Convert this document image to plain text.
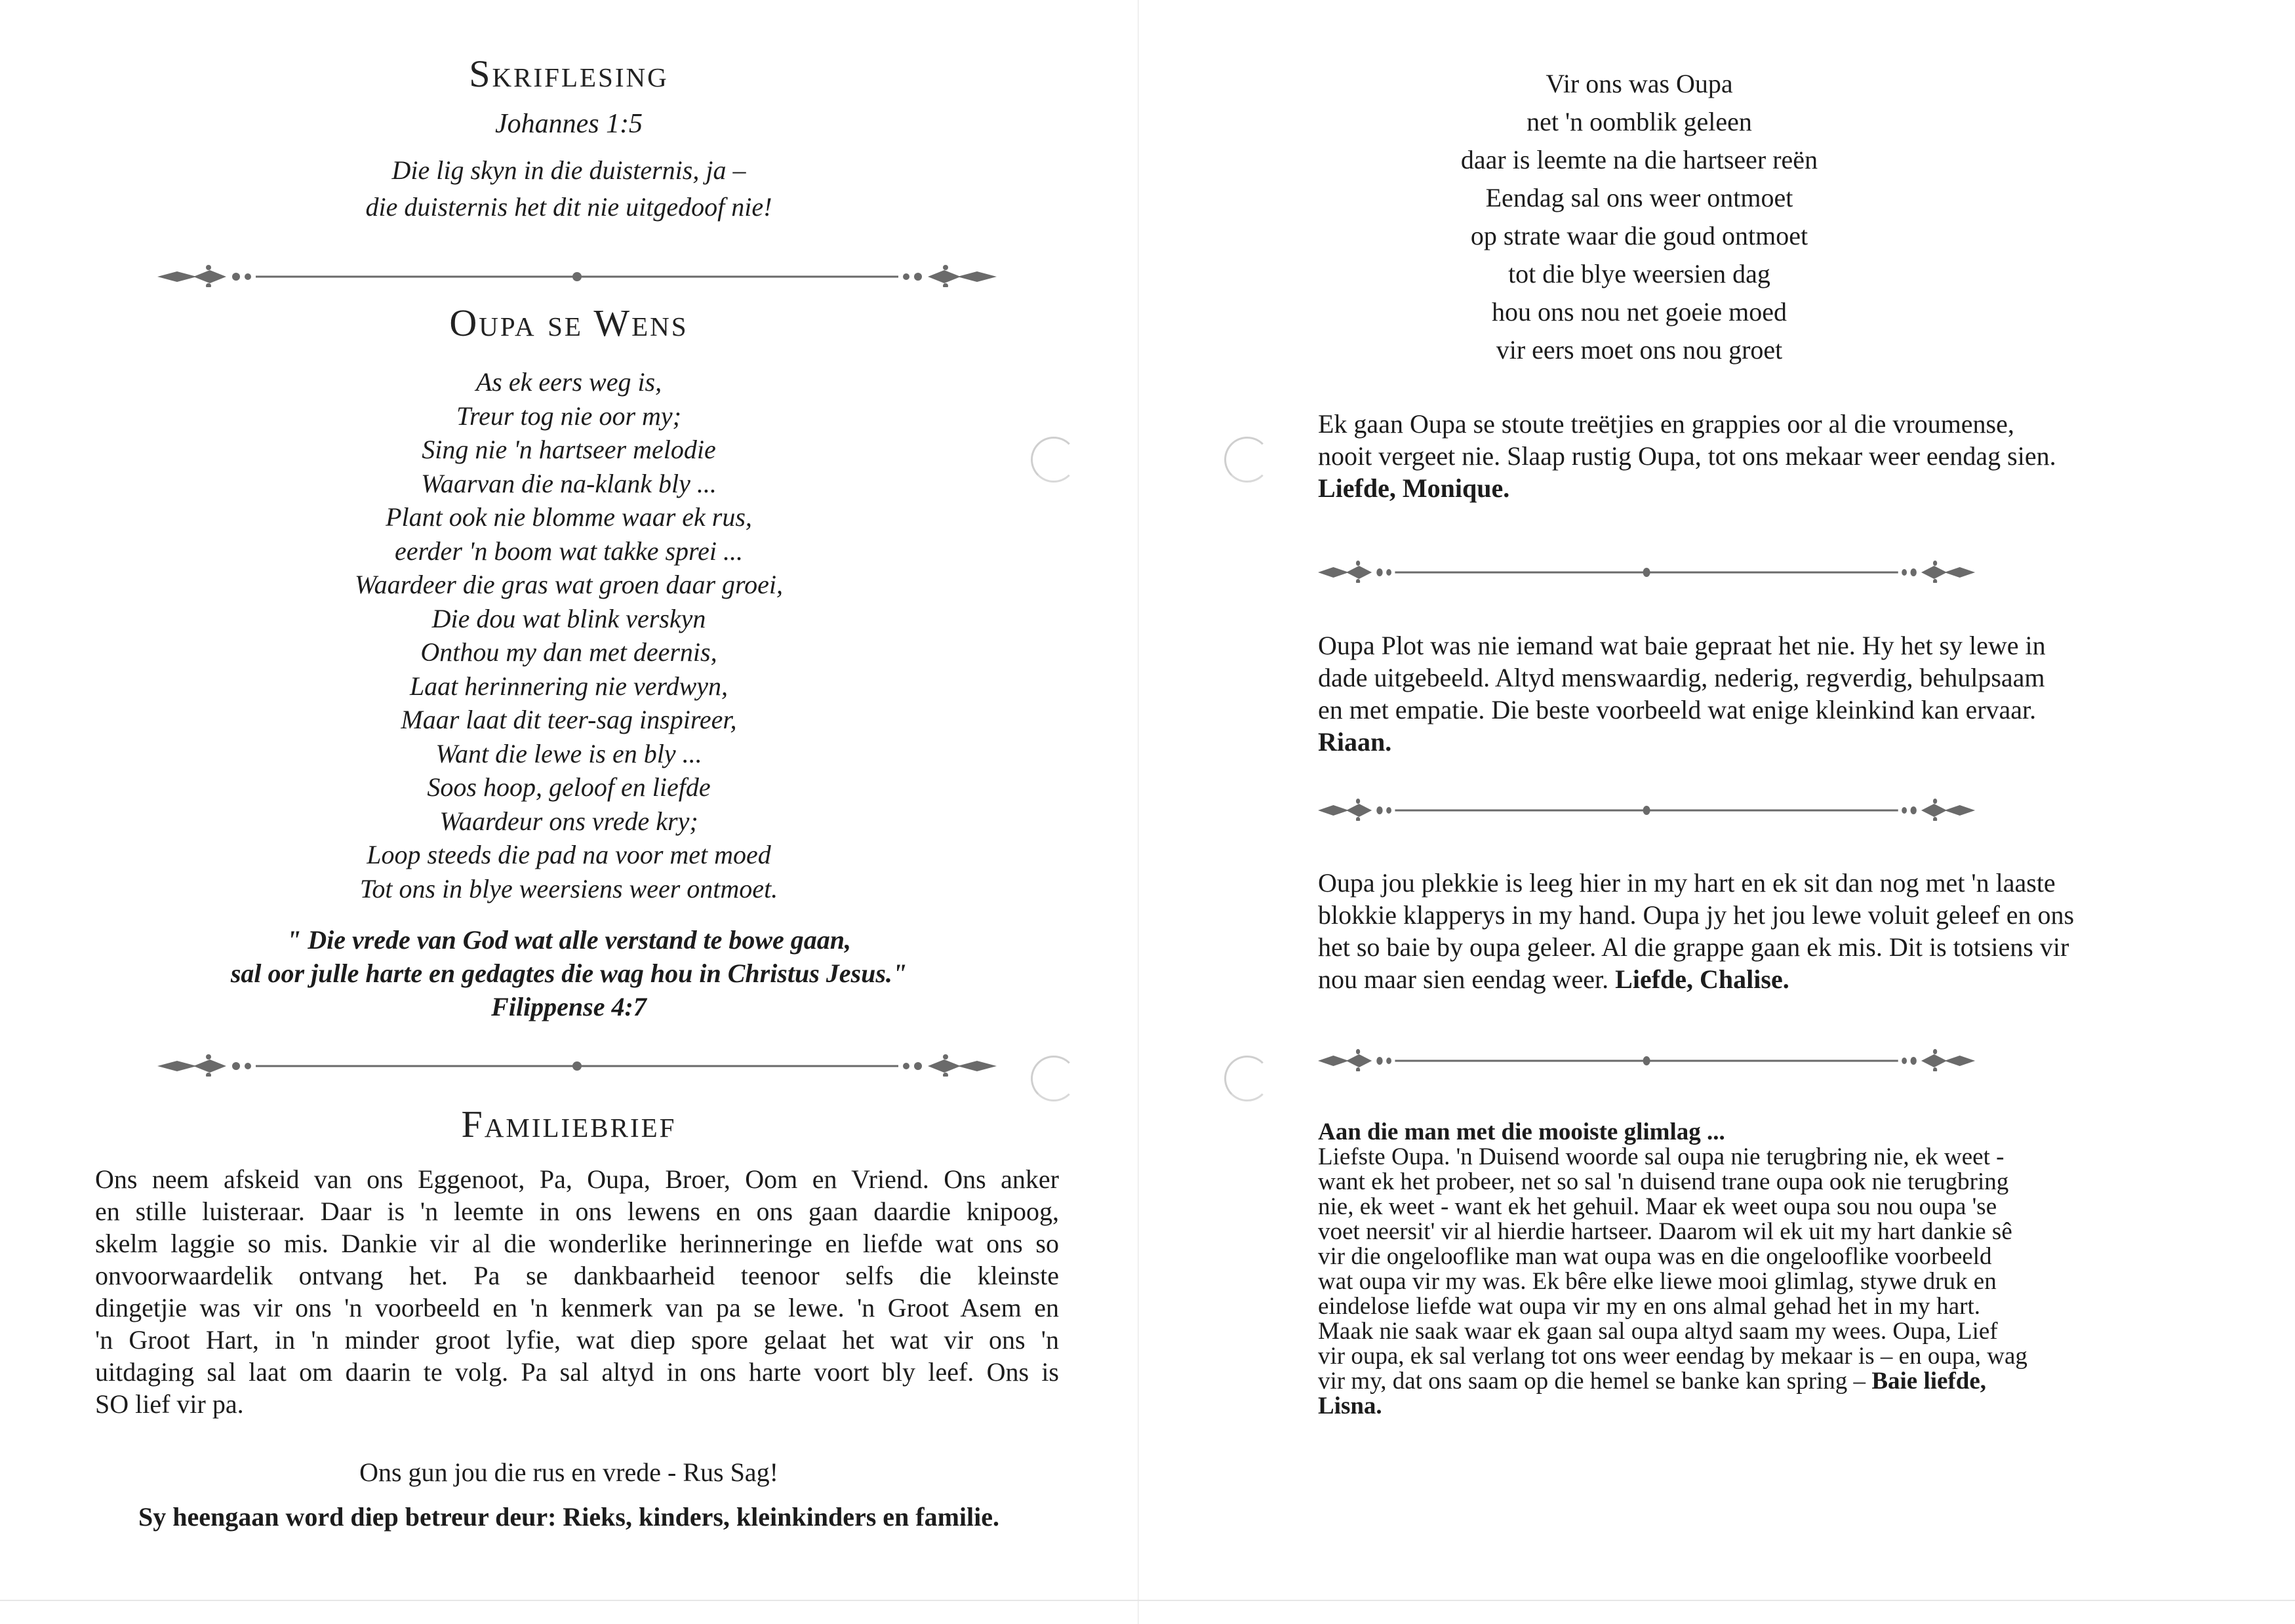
Skriflesing
Johannes 1:5
Die lig skyn in die duisternis, ja –
die duisternis het dit nie uitgedoof nie!
Oupa se Wens
As ek eers weg is,
Treur tog nie oor my;
Sing nie 'n hartseer melodie
Waarvan die na-klank bly ...
Plant ook nie blomme waar ek rus,
eerder 'n boom wat takke sprei ...
Waardeer die gras wat groen daar groei,
Die dou wat blink verskyn
Onthou my dan met deernis,
Laat herinnering nie verdwyn,
Maar laat dit teer-sag inspireer,
Want die lewe is en bly ...
Soos hoop, geloof en liefde
Waardeur ons vrede kry;
Loop steeds die pad na voor met moed
Tot ons in blye weersiens weer ontmoet.
" Die vrede van God wat alle verstand te bowe gaan,
sal oor julle harte en gedagtes die wag hou in Christus Jesus."
Filippense 4:7
Familiebrief
Ons neem afskeid van ons Eggenoot, Pa, Oupa, Broer, Oom en Vriend. Ons anker
en stille luisteraar. Daar is 'n leemte in ons lewens en ons gaan daardie knipoog,
skelm laggie so mis. Dankie vir al die wonderlike herinneringe en liefde wat ons so
onvoorwaardelik ontvang het. Pa se dankbaarheid teenoor selfs die kleinste
dingetjie was vir ons 'n voorbeeld en 'n kenmerk van pa se lewe. 'n Groot Asem en
'n Groot Hart, in 'n minder groot lyfie, wat diep spore gelaat het wat vir ons 'n
uitdaging sal laat om daarin te volg. Pa sal altyd in ons harte voort bly leef. Ons is
SO lief vir pa.
Ons gun jou die rus en vrede - Rus Sag!
Sy heengaan word diep betreur deur: Rieks, kinders, kleinkinders en familie.
Vir ons was Oupa
net 'n oomblik geleen
daar is leemte na die hartseer reën
Eendag sal ons weer ontmoet
op strate waar die goud ontmoet
tot die blye weersien dag
hou ons nou net goeie moed
vir eers moet ons nou groet
Ek gaan Oupa se stoute treëtjies en grappies oor al die vroumense,
nooit vergeet nie. Slaap rustig Oupa, tot ons mekaar weer eendag sien.
Liefde, Monique.
Oupa Plot was nie iemand wat baie gepraat het nie. Hy het sy lewe in
dade uitgebeeld. Altyd menswaardig, nederig, regverdig, behulpsaam
en met empatie. Die beste voorbeeld wat enige kleinkind kan ervaar.
Riaan.
Oupa jou plekkie is leeg hier in my hart en ek sit dan nog met 'n laaste
blokkie klapperys in my hand. Oupa jy het jou lewe voluit geleef en ons
het so baie by oupa geleer. Al die grappe gaan ek mis. Dit is totsiens vir
nou maar sien eendag weer. Liefde, Chalise.
Aan die man met die mooiste glimlag ...
Liefste Oupa. 'n Duisend woorde sal oupa nie terugbring nie, ek weet -
want ek het probeer, net so sal 'n duisend trane oupa ook nie terugbring
nie, ek weet - want ek het gehuil. Maar ek weet oupa sou nou oupa 'se
voet neersit' vir al hierdie hartseer. Daarom wil ek uit my hart dankie sê
vir die ongelooflike man wat oupa was en die ongelooflike voorbeeld
wat oupa vir my was. Ek bêre elke liewe mooi glimlag, stywe druk en
eindelose liefde wat oupa vir my en ons almal gehad het in my hart.
Maak nie saak waar ek gaan sal oupa altyd saam my wees. Oupa, Lief
vir oupa, ek sal verlang tot ons weer eendag by mekaar is – en oupa, wag
vir my, dat ons saam op die hemel se banke kan spring – Baie liefde,
Lisna.
